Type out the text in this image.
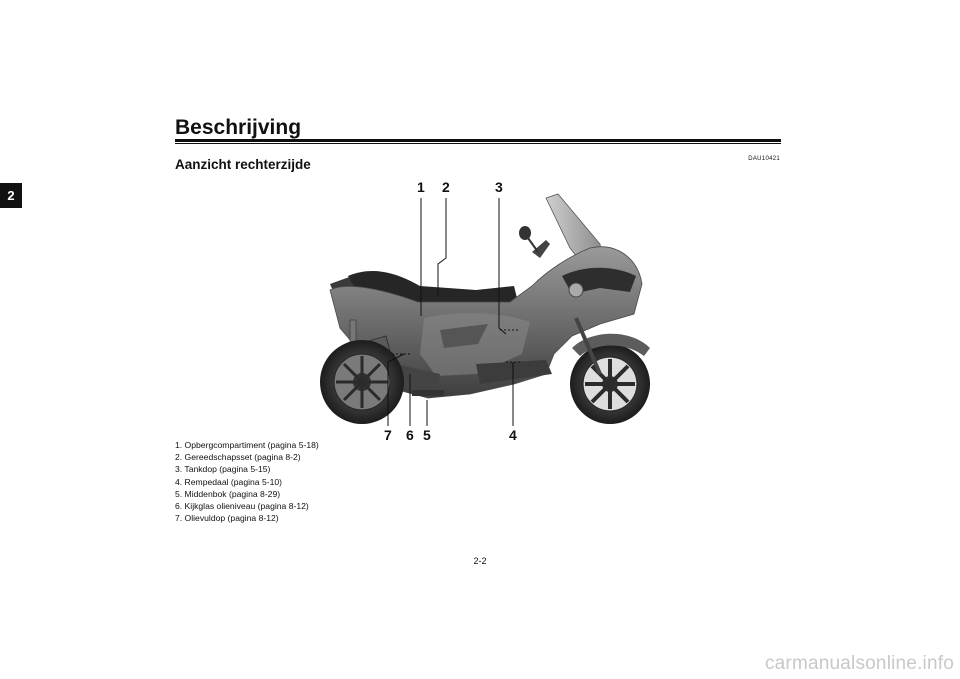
2
Beschrijving
DAU10421
Aanzicht rechterzijde
1 2	3
4
5
6
7
1. Opbergcompartiment (pagina 5-18)
2. Gereedschapsset (pagina 8-2)
3. Tankdop (pagina 5-15)
4. Rempedaal (pagina 5-10)
5. Middenbok (pagina 8-29)
6. Kijkglas olieniveau (pagina 8-12)
7. Olievuldop (pagina 8-12)
2-2
carmanualsonline.info
